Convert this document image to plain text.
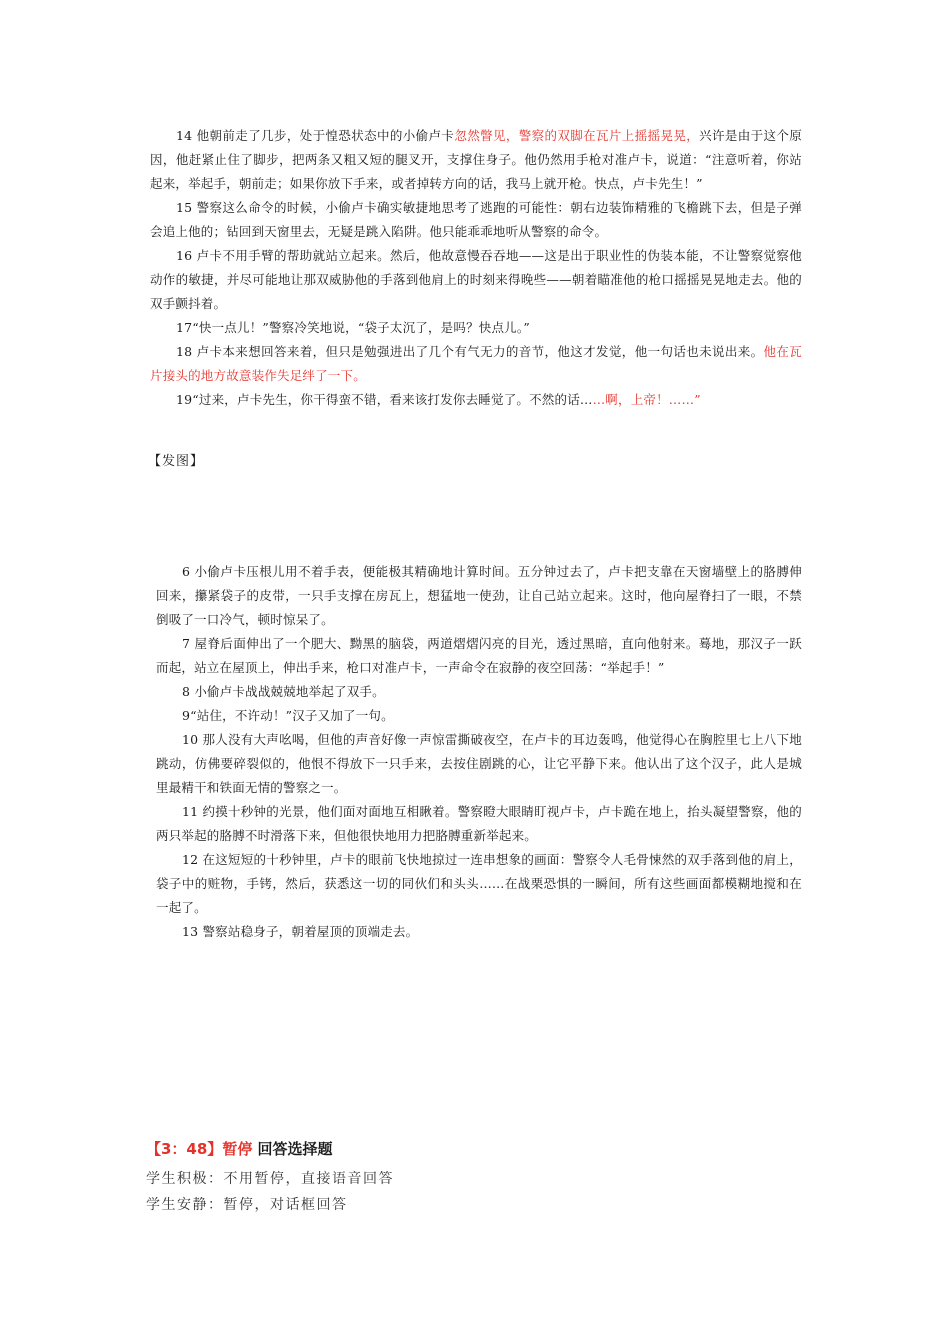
14 他朝前走了几步，处于惶恐状态中的小偷卢卡忽然瞥见，警察的双脚在瓦片上摇摇晃晃，兴许是由于这个原因，他赶紧止住了脚步，把两条又粗又短的腿叉开，支撑住身子。他仍然用手枪对准卢卡，说道：“注意听着，你站起来，举起手，朝前走；如果你放下手来，或者掉转方向的话，我马上就开枪。快点，卢卡先生！”

15 警察这么命令的时候，小偷卢卡确实敏捷地思考了逃跑的可能性：朝右边装饰精雅的飞檐跳下去，但是子弹会追上他的；钻回到天窗里去，无疑是跳入陷阱。他只能乖乖地听从警察的命令。

16 卢卡不用手臂的帮助就站立起来。然后，他故意慢吞吞地——这是出于职业性的伪装本能，不让警察觉察他动作的敏捷，并尽可能地让那双威胁他的手落到他肩上的时刻来得晚些——朝着瞄准他的枪口摇摇晃晃地走去。他的双手颤抖着。

17“快一点儿！”警察冷笑地说，“袋子太沉了，是吗？快点儿。”

18 卢卡本来想回答来着，但只是勉强进出了几个有气无力的音节，他这才发觉，他一句话也未说出来。他在瓦片接头的地方故意装作失足绊了一下。

19“过来，卢卡先生，你干得蛮不错，看来该打发你去睡觉了。不然的话……啊，上帝！……”

【发图】

6 小偷卢卡压根儿用不着手表，便能极其精确地计算时间。五分钟过去了，卢卡把支靠在天窗墙壁上的胳膊伸回来，攥紧袋子的皮带，一只手支撑在房瓦上，想猛地一使劲，让自己站立起来。这时，他向屋脊扫了一眼，不禁倒吸了一口冷气，顿时惊呆了。

7 屋脊后面伸出了一个肥大、黝黑的脑袋，两道熠熠闪亮的目光，透过黑暗，直向他射来。蓦地，那汉子一跃而起，站立在屋顶上，伸出手来，枪口对准卢卡，一声命令在寂静的夜空回荡：“举起手！”

8 小偷卢卡战战兢兢地举起了双手。

9“站住，不许动！”汉子又加了一句。

10 那人没有大声吆喝，但他的声音好像一声惊雷撕破夜空，在卢卡的耳边轰鸣，他觉得心在胸腔里七上八下地跳动，仿佛要碎裂似的，他恨不得放下一只手来，去按住剧跳的心，让它平静下来。他认出了这个汉子，此人是城里最精干和铁面无情的警察之一。

11 约摸十秒钟的光景，他们面对面地互相瞅着。警察瞪大眼睛盯视卢卡，卢卡跪在地上，抬头凝望警察，他的两只举起的胳膊不时滑落下来，但他很快地用力把胳膊重新举起来。

12 在这短短的十秒钟里，卢卡的眼前飞快地掠过一连串想象的画面：警察令人毛骨悚然的双手落到他的肩上，袋子中的赃物，手铐，然后，获悉这一切的同伙们和头头……在战栗恐惧的一瞬间，所有这些画面都模糊地搅和在一起了。

13 警察站稳身子，朝着屋顶的顶端走去。

【3：48】暂停 回答选择题
学生积极：不用暂停，直接语音回答
学生安静：暂停，对话框回答
